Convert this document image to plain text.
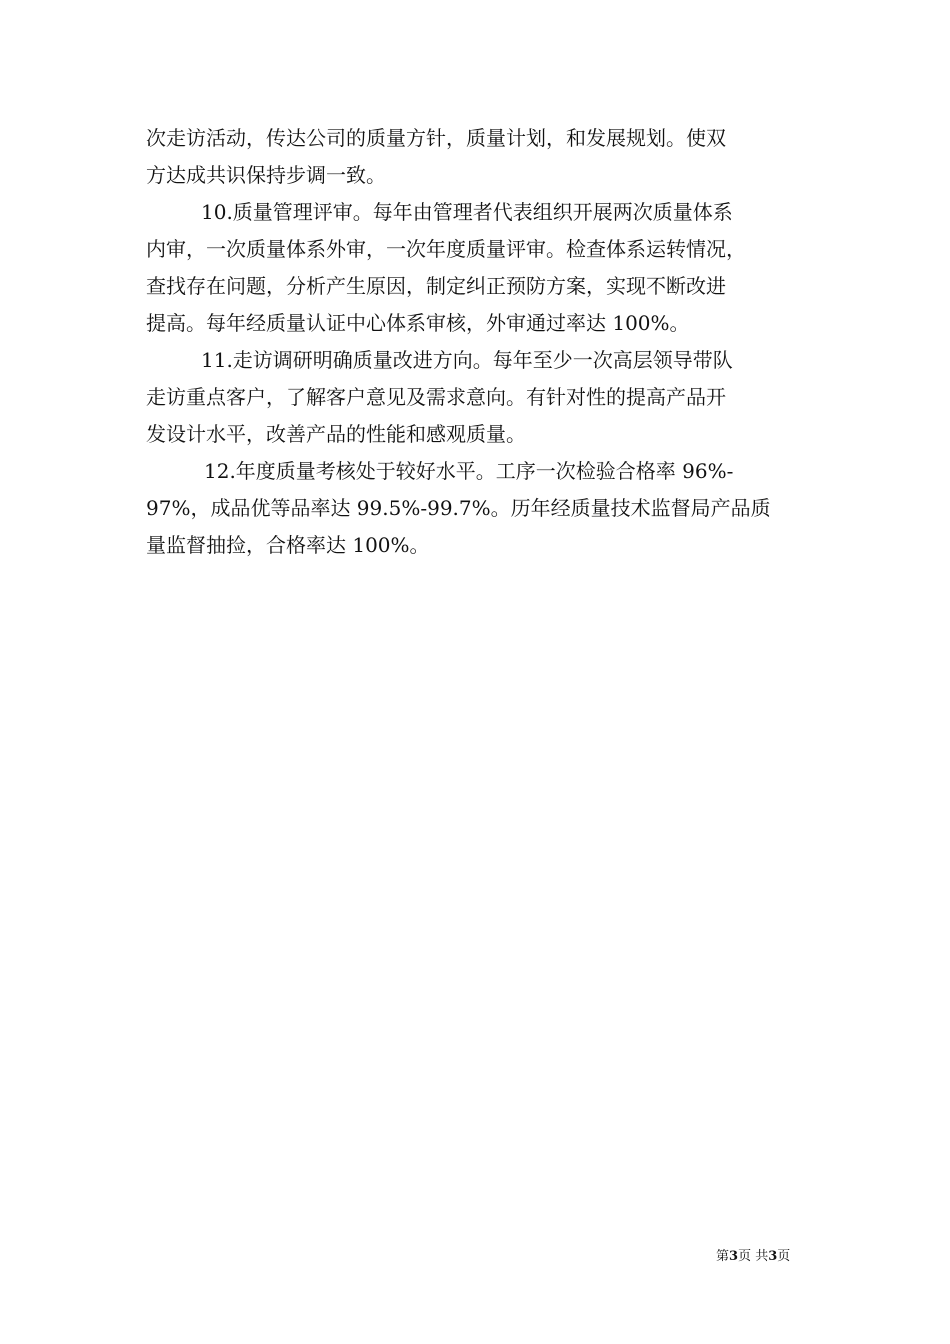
次走访活动，传达公司的质量方针，质量计划，和发展规划。使双
方达成共识保持步调一致。
10.质量管理评审。每年由管理者代表组织开展两次质量体系
内审，一次质量体系外审，一次年度质量评审。检查体系运转情况，
查找存在问题，分析产生原因，制定纠正预防方案，实现不断改进
提高。每年经质量认证中心体系审核，外审通过率达 100%。
11.走访调研明确质量改进方向。每年至少一次高层领导带队
走访重点客户，了解客户意见及需求意向。有针对性的提高产品开
发设计水平，改善产品的性能和感观质量。
12.年度质量考核处于较好水平。工序一次检验合格率 96%-
97%，成品优等品率达 99.5%-99.7%。历年经质量技术监督局产品质
量监督抽捡，合格率达 100%。
第3页 共3页
